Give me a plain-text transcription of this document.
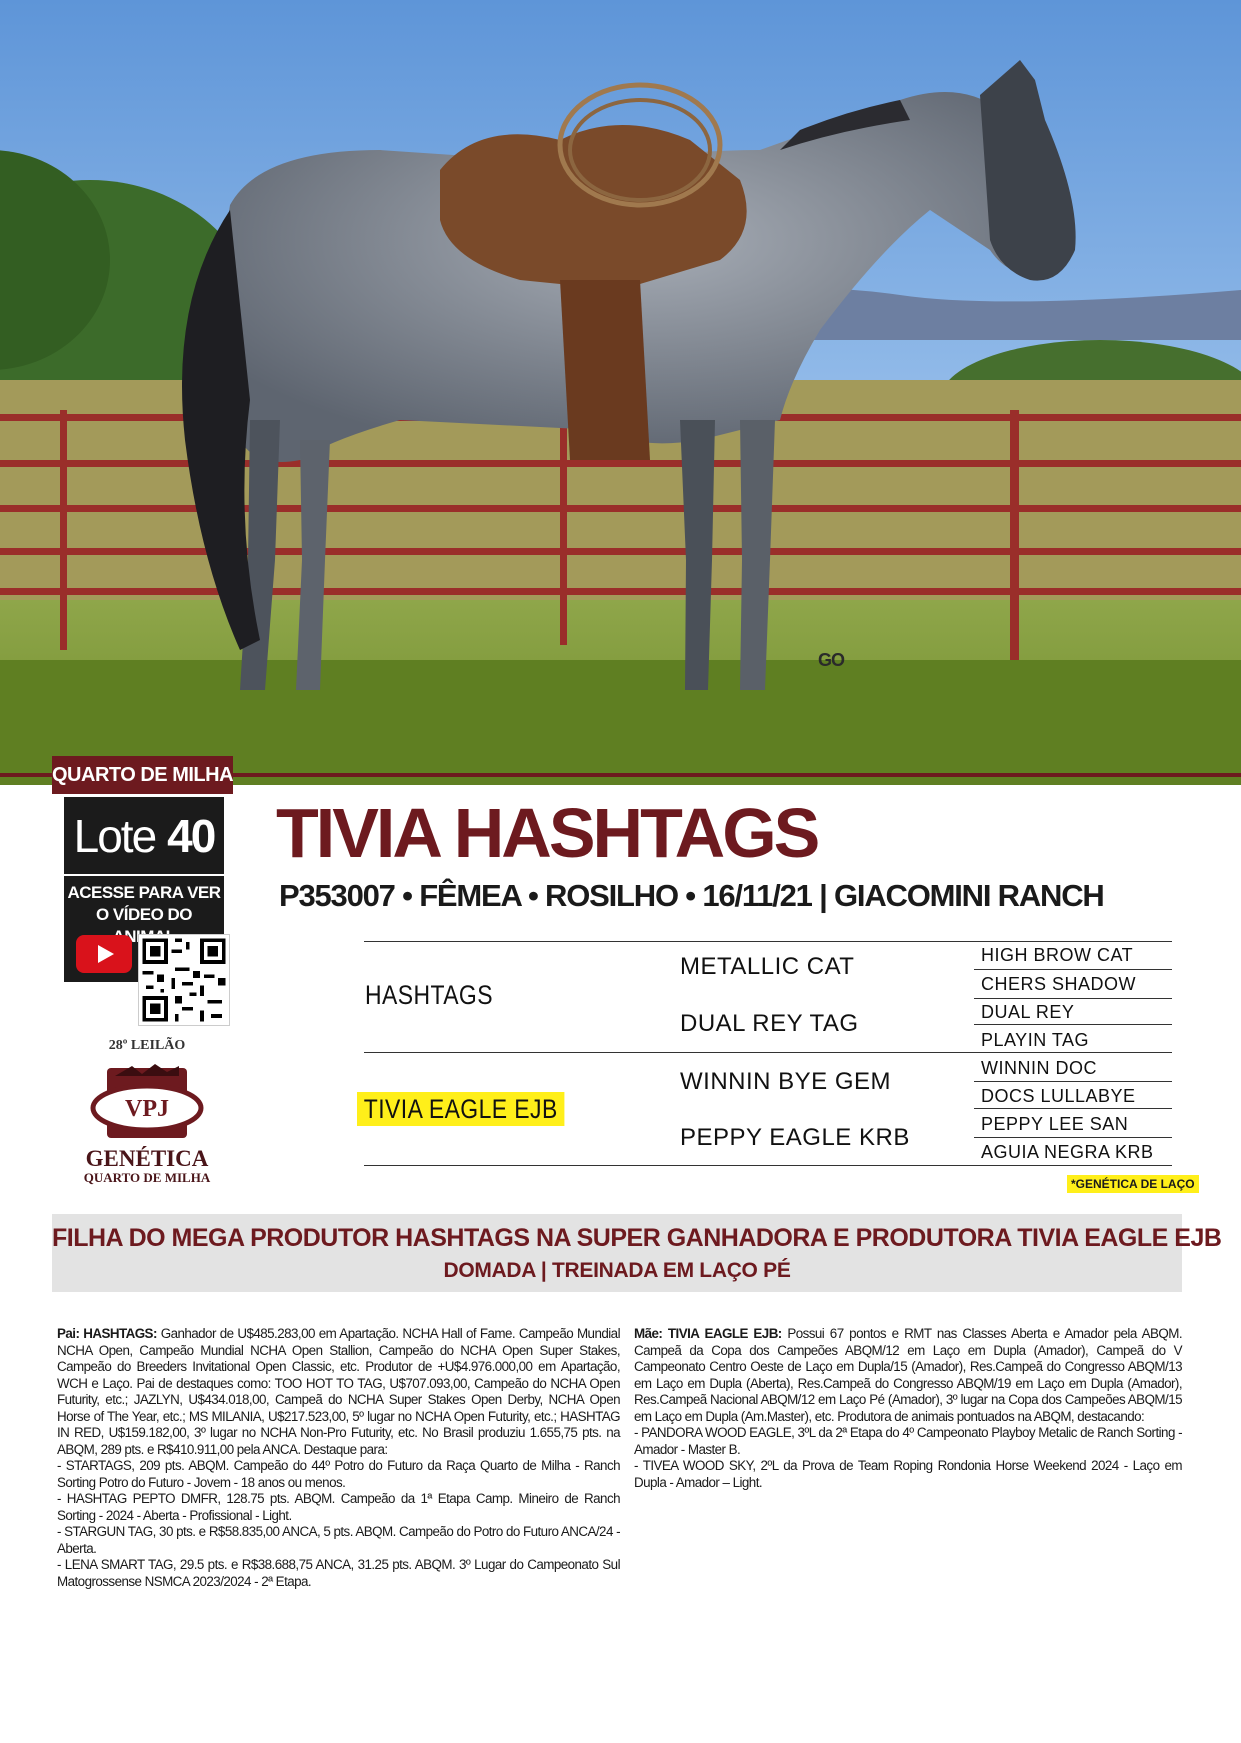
GO
QUARTO DE MILHA
Lote 40
ACESSE PARA VER
O VÍDEO DO
28º LEILÃO
VPJ
GENÉTICA
QUARTO DE MILHA
TIVIA HASHTAGS
P353007 • FÊMEA • ROSILHO • 16/11/21 | GIACOMINI RANCH
HASHTAGS
TIVIA EAGLE EJB
METALLIC CAT
DUAL REY TAG
WINNIN BYE GEM
PEPPY EAGLE KRB
HIGH BROW CAT
CHERS SHADOW
DUAL REY
PLAYIN TAG
WINNIN DOC
DOCS LULLABYE
PEPPY LEE SAN
AGUIA NEGRA KRB
*GENÉTICA DE LAÇO
FILHA DO MEGA PRODUTOR HASHTAGS NA SUPER GANHADORA E PRODUTORA TIVIA EAGLE EJB
DOMADA | TREINADA EM LAÇO PÉ

Pai: HASHTAGS: Ganhador de U$485.283,00 em Apartação. NCHA Hall of Fame. Campeão Mundial NCHA Open, Campeão Mundial NCHA Open Stallion, Campeão do NCHA Open Super Stakes, Campeão do Breeders Invitational Open Classic, etc. Produtor de +U$4.976.000,00 em Apartação, WCH e Laço. Pai de destaques como: TOO HOT TO TAG, U$707.093,00, Campeão do NCHA Open Futurity, etc.; JAZLYN, U$434.018,00, Campeã do NCHA Super Stakes Open Derby, NCHA Open Horse of The Year, etc.; MS MILANIA, U$217.523,00, 5º lugar no NCHA Open Futurity, etc.; HASHTAG IN RED, U$159.182,00, 3º lugar no NCHA Non-Pro Futurity, etc. No Brasil produziu 1.655,75 pts. na ABQM, 289 pts. e R$410.911,00 pela ANCA. Destaque para:

- STARTAGS, 209 pts. ABQM. Campeão do 44º Potro do Futuro da Raça Quarto de Milha - Ranch Sorting Potro do Futuro - Jovem - 18 anos ou menos.

- HASHTAG PEPTO DMFR, 128.75 pts. ABQM. Campeão da 1ª Etapa Camp. Mineiro de Ranch Sorting - 2024 - Aberta - Profissional - Light.

- STARGUN TAG, 30 pts. e R$58.835,00 ANCA, 5 pts. ABQM. Campeão do Potro do Futuro ANCA/24 - Aberta.

- LENA SMART TAG, 29.5 pts. e R$38.688,75 ANCA, 31.25 pts. ABQM. 3º Lugar do Campeonato Sul Matogrossense NSMCA 2023/2024 - 2ª Etapa.

Mãe: TIVIA EAGLE EJB: Possui 67 pontos e RMT nas Classes Aberta e Amador pela ABQM. Campeã da Copa dos Campeões ABQM/12 em Laço em Dupla (Amador), Campeã do V Campeonato Centro Oeste de Laço em Dupla/15 (Amador), Res.Campeã do Congresso ABQM/13 em Laço em Dupla (Aberta), Res.Campeã do Congresso ABQM/19 em Laço em Dupla (Amador), Res.Campeã Nacional ABQM/12 em Laço Pé (Amador), 3º lugar na Copa dos Campeões ABQM/15 em Laço em Dupla (Am.Master), etc. Produtora de animais pontuados na ABQM, destacando:

- PANDORA WOOD EAGLE, 3ºL da 2ª Etapa do 4º Campeonato Playboy Metalic de Ranch Sorting - Amador - Master B.

- TIVEA WOOD SKY, 2ºL da Prova de Team Roping Rondonia Horse Weekend 2024 - Laço em Dupla - Amador – Light.
